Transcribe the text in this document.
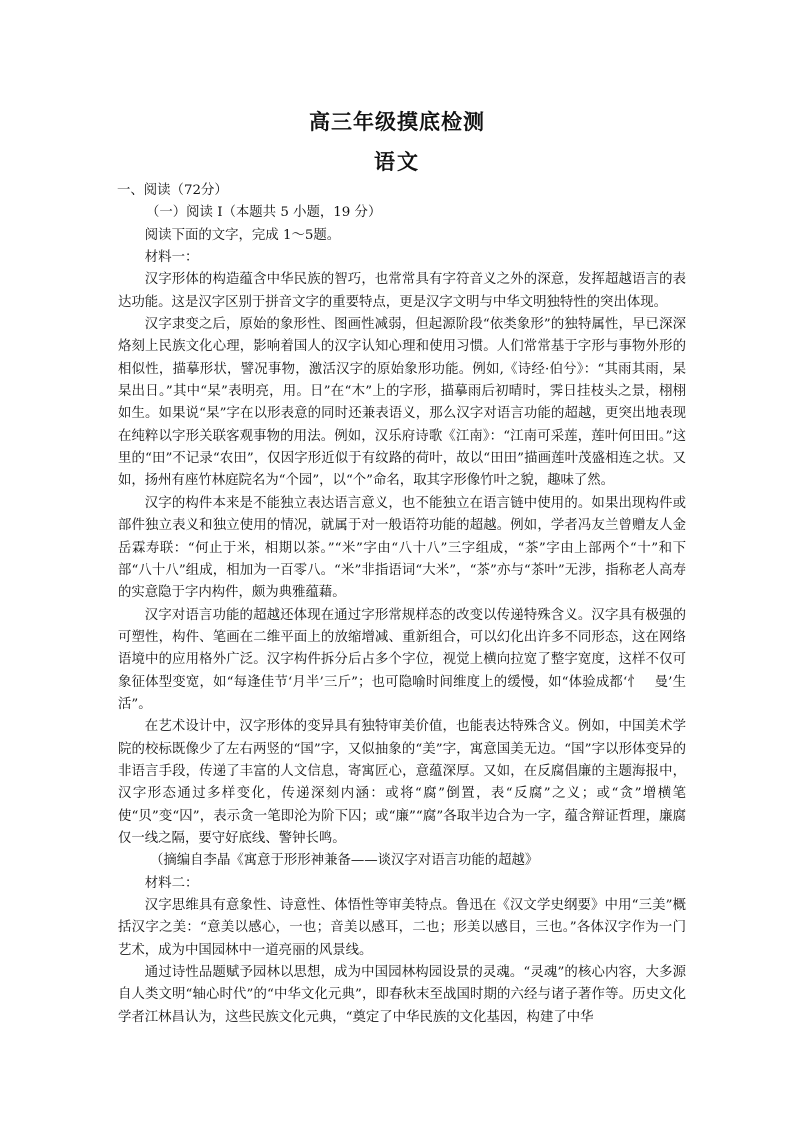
高三年级摸底检测
语文

一、阅读（72分）

（一）阅读 I（本题共 5 小题，19 分）

阅读下面的文字，完成 1～5题。

材料一：

汉字形体的构造蕴含中华民族的智巧，也常常具有字符音义之外的深意，发挥超越语言的表达功能。这是汉字区别于拼音文字的重要特点，更是汉字文明与中华文明独特性的突出体现。

汉字隶变之后，原始的象形性、图画性减弱，但起源阶段“依类象形”的独特属性，早已深深烙刻上民族文化心理，影响着国人的汉字认知心理和使用习惯。人们常常基于字形与事物外形的相似性，描摹形状，譬况事物，激活汉字的原始象形功能。例如,《诗经·伯兮》：“其雨其雨，杲杲出日。”其中“杲”表明亮，用。日”在“木”上的字形，描摹雨后初晴时，霁日挂枝头之景，栩栩如生。如果说“杲”字在以形表意的同时还兼表语义，那么汉字对语言功能的超越，更突出地表现在纯粹以字形关联客观事物的用法。例如，汉乐府诗歌《江南》：“江南可采莲，莲叶何田田。”这里的“田”不记录“农田”，仅因字形近似于有纹路的荷叶，故以“田田”描画莲叶茂盛相连之状。又如，扬州有座竹林庭院名为“个园”，以“个”命名，取其字形像竹叶之貌，趣味了然。

汉字的构件本来是不能独立表达语言意义，也不能独立在语言链中使用的。如果出现构件或部件独立表义和独立使用的情况，就属于对一般语符功能的超越。例如，学者冯友兰曾赠友人金岳霖寿联：“何止于米，相期以茶。”“米”字由“八十八”三字组成，“茶”字由上部两个“十”和下部“八十八”组成，相加为一百零八。“米”非指语词“大米”，“茶”亦与“茶叶”无涉，指称老人高寿的实意隐于字内构件，颇为典雅蕴藉。

汉字对语言功能的超越还体现在通过字形常规样态的改变以传递特殊含义。汉字具有极强的可塑性，构件、笔画在二维平面上的放缩增减、重新组合，可以幻化出许多不同形态，这在网络语境中的应用格外广泛。汉字构件拆分后占多个字位，视觉上横向拉宽了整字宽度，这样不仅可象征体型变宽，如“每逢佳节‘月半’三斤”；也可隐喻时间维度上的缓慢，如“体验成都‘忄　曼’生活”。

在艺术设计中，汉字形体的变异具有独特审美价值，也能表达特殊含义。例如，中国美术学院的校标既像少了左右两竖的“国”字，又似抽象的“美”字，寓意国美无边。“国”字以形体变异的非语言手段，传递了丰富的人文信息，寄寓匠心，意蕴深厚。又如，在反腐倡廉的主题海报中，汉字形态通过多样变化，传递深刻内涵：或将“腐”倒置，表“反腐”之义；或“贪”增横笔使“贝”变“囚”，表示贪一笔即沦为阶下囚；或“廉”“腐”各取半边合为一字，蕴含辩证哲理，廉腐仅一线之隔，要守好底线、警钟长鸣。

（摘编自李晶《寓意于形形神兼备——谈汉字对语言功能的超越》

材料二：

汉字思维具有意象性、诗意性、体悟性等审美特点。鲁迅在《汉文学史纲要》中用“三美”概括汉字之美：“意美以感心，一也；音美以感耳，二也；形美以感目，三也。”各体汉字作为一门艺术，成为中国园林中一道亮丽的风景线。

通过诗性品题赋予园林以思想，成为中国园林构园设景的灵魂。“灵魂”的核心内容，大多源自人类文明“轴心时代”的“中华文化元典”，即春秋末至战国时期的六经与诸子著作等。历史文化学者江林昌认为，这些民族文化元典，“奠定了中华民族的文化基因，构建了中华
